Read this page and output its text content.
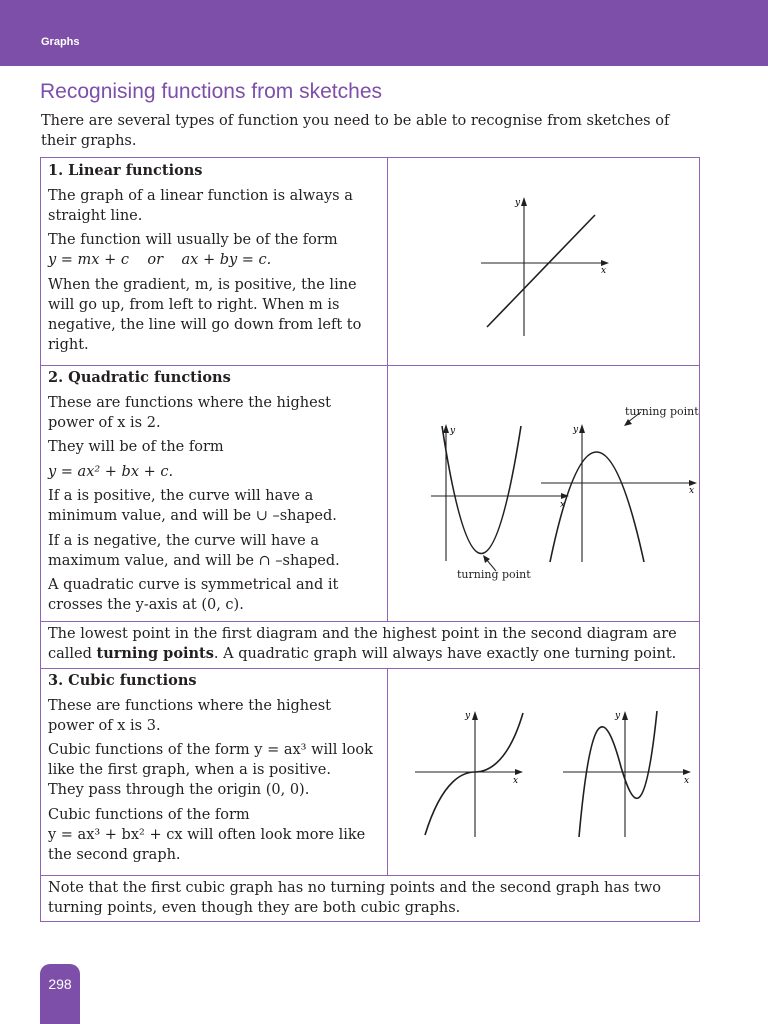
Graphs
Recognising functions from sketches
There are several types of function you need to be able to recognise from sketches of their graphs.
1. Linear functions

The graph of a linear function is always a straight line.

The function will usually be of the form

y = mx + c    or    ax + by = c.

When the gradient, m, is positive, the line will go up, from left to right. When m is negative, the line will go down from left to right.

y
x
2. Quadratic functions

These are functions where the highest power of x is 2.

They will be of the form

y = ax² + bx + c.

If a is positive, the curve will have a minimum value, and will be ∪ –shaped.

If a is negative, the curve will have a maximum value, and will be ∩ –shaped.

A quadratic curve is symmetrical and it crosses the y-axis at (0, c).

y
x
turning point
y
x
turning point
The lowest point in the first diagram and the highest point in the second diagram are called turning points. A quadratic graph will always have exactly one turning point.
3. Cubic functions

These are functions where the highest power of x is 3.

Cubic functions of the form y = ax³ will look like the first graph, when a is positive.

They pass through the origin (0, 0).

Cubic functions of the form

y = ax³ + bx² + cx will often look more like the second graph.

y
x
y
x
Note that the first cubic graph has no turning points and the second graph has two turning points, even though they are both cubic graphs.
298
